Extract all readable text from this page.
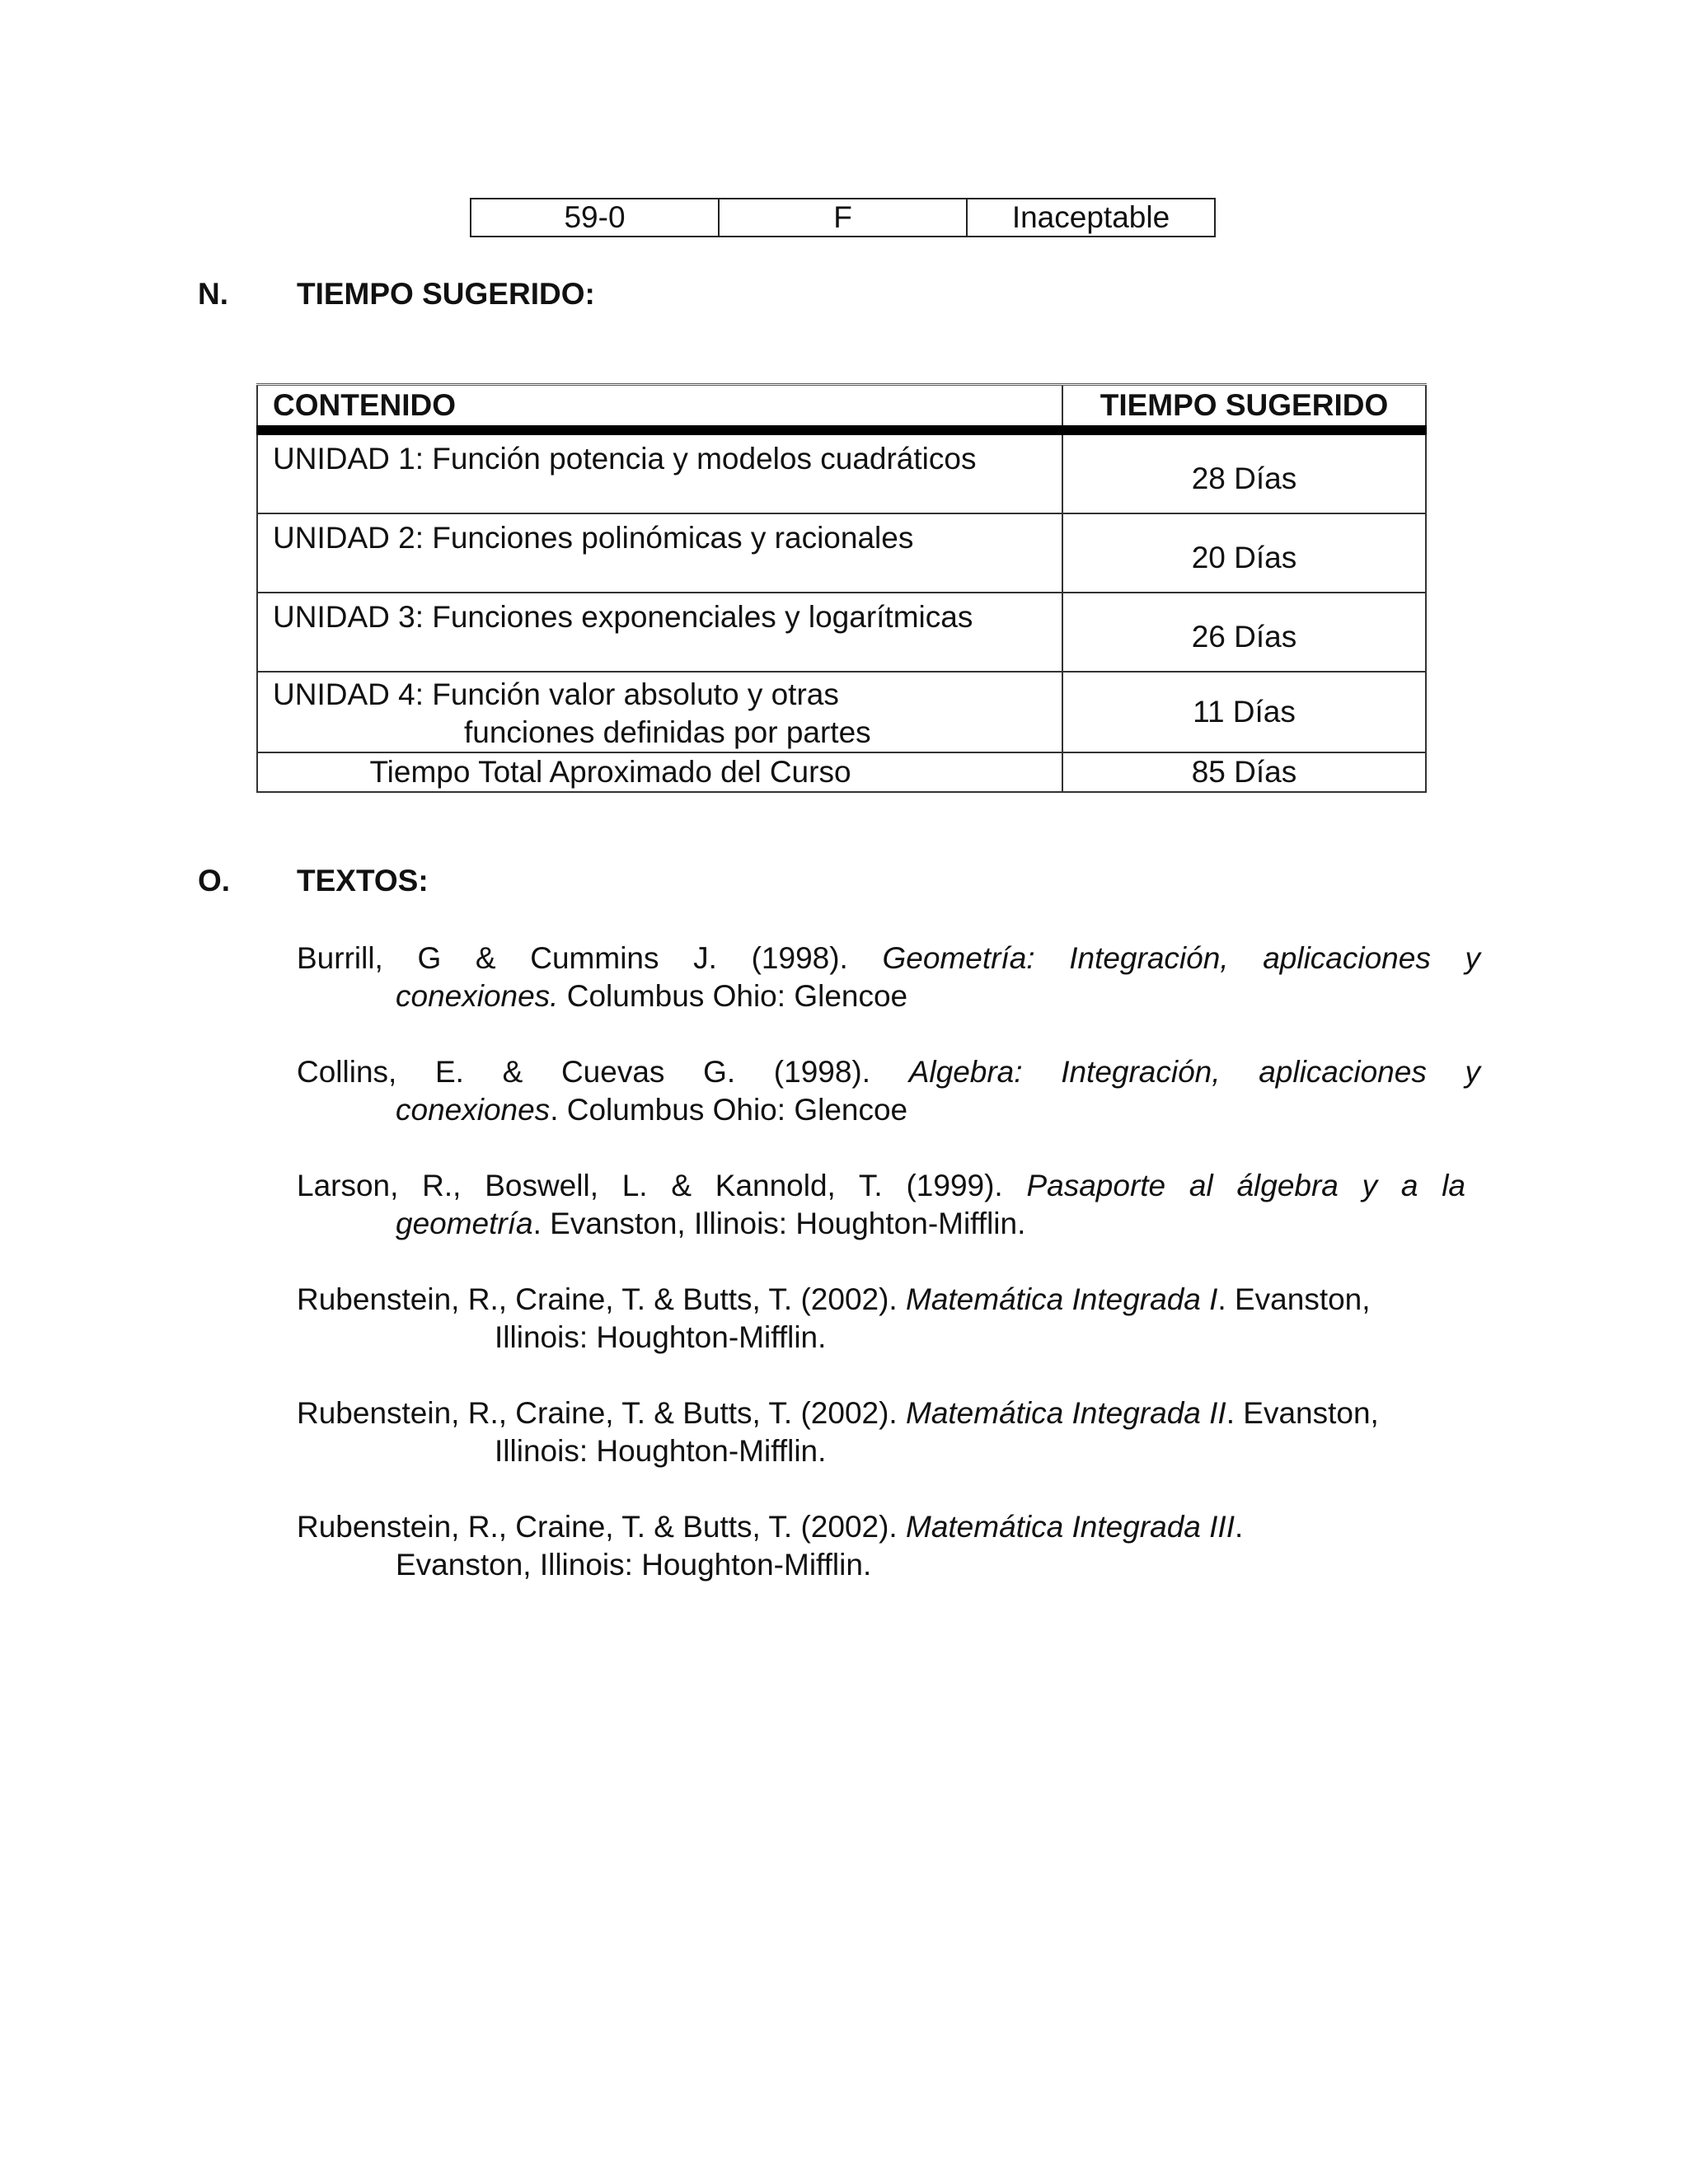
59-0	F	Inaceptable
N. TIEMPO SUGERIDO:
CONTENIDO	TIEMPO SUGERIDO
UNIDAD 1: Función potencia y modelos cuadráticos	28 Días
UNIDAD 2: Funciones polinómicas y racionales	20 Días
UNIDAD 3: Funciones exponenciales y logarítmicas	26 Días

UNIDAD 4: Función valor absoluto y otras
funciones definidas por partes	11 Días
Tiempo Total Aproximado del Curso	85 Días
O. TEXTOS:
Burrill, G & Cummins J. (1998). Geometría: Integración, aplicaciones y
conexiones. Columbus Ohio: Glencoe
Collins, E. & Cuevas G. (1998). Algebra: Integración, aplicaciones y
conexiones. Columbus Ohio: Glencoe
Larson, R., Boswell, L. & Kannold, T. (1999). Pasaporte al álgebra y a la
geometría. Evanston, Illinois: Houghton-Mifflin.
Rubenstein, R., Craine, T. & Butts, T. (2002). Matemática Integrada I. Evanston,
Illinois: Houghton-Mifflin.
Rubenstein, R., Craine, T. & Butts, T. (2002). Matemática Integrada II. Evanston,
Illinois: Houghton-Mifflin.
Rubenstein, R., Craine, T. & Butts, T. (2002). Matemática Integrada III.
Evanston, Illinois: Houghton-Mifflin.
